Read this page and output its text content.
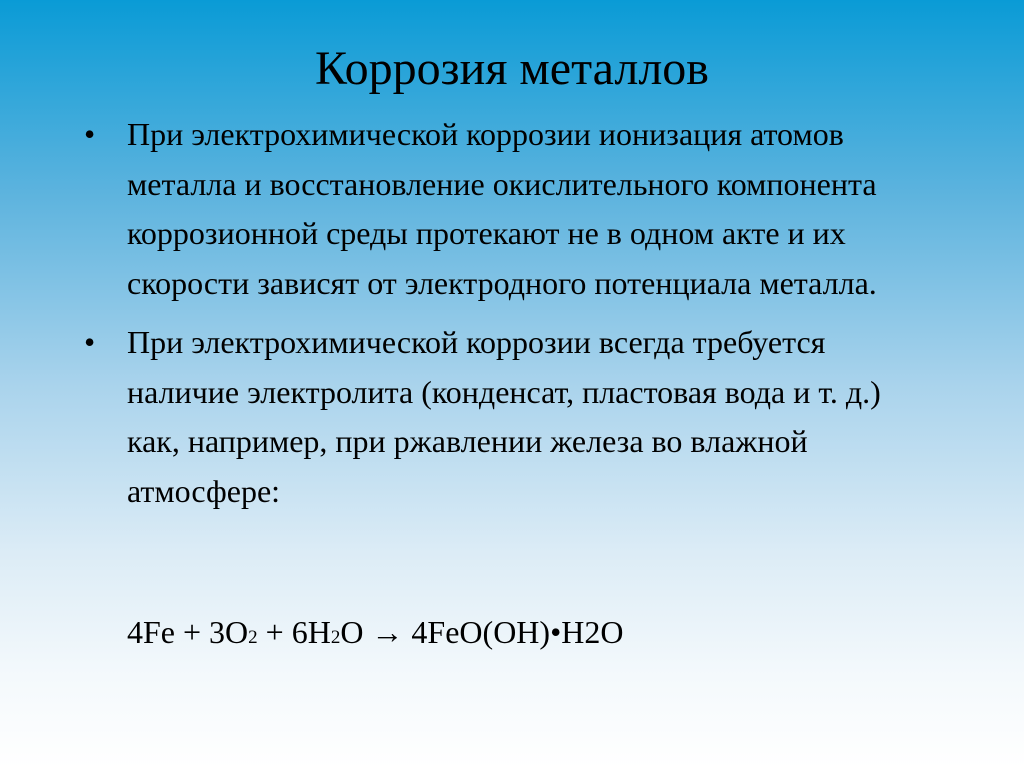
Коррозия металлов
• При электрохимической коррозии ионизация атомов металла и восстановление окислительного компонента коррозионной среды протекают не в одном акте и их скорости зависят от электродного потенциала металла.
• При электрохимической коррозии всегда требуется наличие электролита (конденсат, пластовая вода и т. д.) как, например, при ржавлении железа во влажной атмосфере:
4Fe + 3O2 + 6H2O → 4FeO(OH)•H2O
